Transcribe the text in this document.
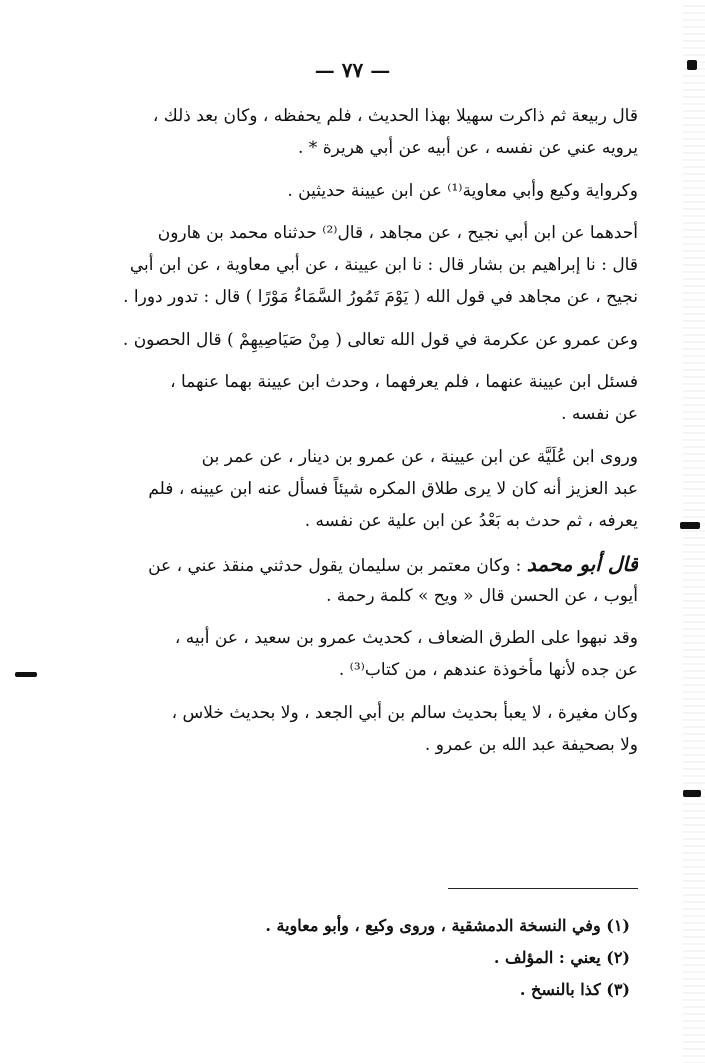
— ٧٧ —
قال ربيعة ثم ذاكرت سهيلا بهذا الحديث ، فلم يحفظه ، وكان بعد ذلك ،
يرويه عني عن نفسه ، عن أبيه عن أبي هريرة * .
وكرواية وكيع وأبي معاوية⁽¹⁾ عن ابن عيينة حديثين .
أحدهما عن ابن أبي نجيح ، عن مجاهد ، قال⁽²⁾ حدثناه محمد بن هارون
قال : نا إبراهيم بن بشار قال : نا ابن عيينة ، عن أبي معاوية ، عن ابن أبي
نجيح ، عن مجاهد في قول الله ( يَوْمَ تَمُورُ السَّمَاءُ مَوْرًا ) قال : تدور دورا .
وعن عمرو عن عكرمة في قول الله تعالى ( مِنْ صَيَاصِيهِمْ ) قال الحصون .
فسئل ابن عيينة عنهما ، فلم يعرفهما ، وحدث ابن عيينة بهما عنهما ،
عن نفسه .
وروى ابن عُلَيَّة عن ابن عيينة ، عن عمرو بن دينار ، عن عمر بن
عبد العزيز أنه كان لا يرى طلاق المكره شيئاً فسأل عنه ابن عيينه ، فلم
يعرفه ، ثم حدث به بَعْدُ عن ابن علية عن نفسه .
قال أبو محمد : وكان معتمر بن سليمان يقول حدثني منقذ عني ، عن
أيوب ، عن الحسن قال « ويح » كلمة رحمة .
وقد نبهوا على الطرق الضعاف ، كحديث عمرو بن سعيد ، عن أبيه ،
عن جده لأنها مأخوذة عندهم ، من كتاب⁽³⁾ .
وكان مغيرة ، لا يعبأ بحديث سالم بن أبي الجعد ، ولا بحديث خلاس ،
ولا بصحيفة عبد الله بن عمرو .
(١) وفي النسخة الدمشقية ، وروى وكيع ، وأبو معاوية .
(٢) يعني : المؤلف .
(٣) كذا بالنسخ .
